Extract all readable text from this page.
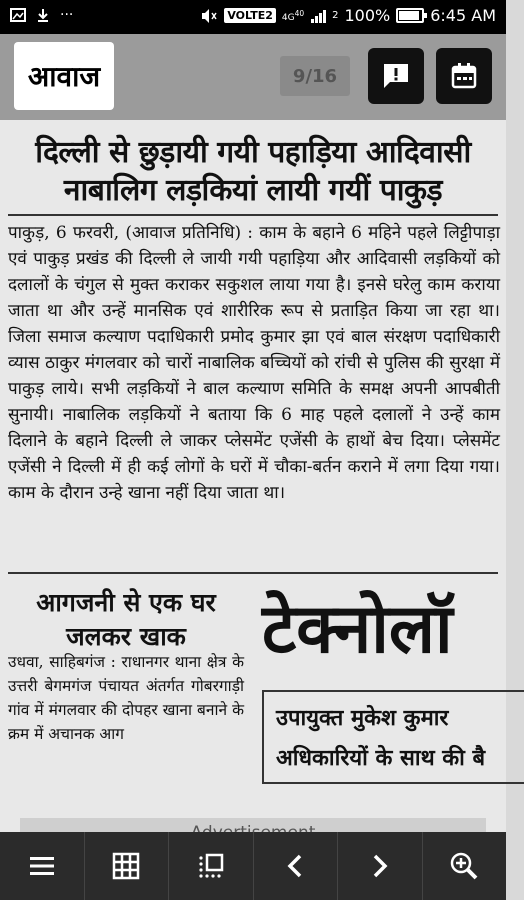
···	VOLTE2	$4G^{40}$	2 100%	6:45 AM
आवाज	9/16
दिल्ली से छुड़ायी गयी पहाड़िया आदिवासी
नाबालिग लड़कियां लायी गयीं पाकुड़
पाकुड़, 6 फरवरी, (आवाज प्रतिनिधि) : काम के बहाने 6 महिने पहले लिट्टीपाड़ा एवं पाकुड़ प्रखंड की दिल्ली ले जायी गयी पहाड़िया और आदिवासी लड़कियों को दलालों के चंगुल से मुक्त कराकर सकुशल लाया गया है। इनसे घरेलु काम कराया जाता था और उन्हें मानसिक एवं शारीरिक रूप से प्रताड़ित किया जा रहा था। जिला समाज कल्याण पदाधिकारी प्रमोद कुमार झा एवं बाल संरक्षण पदाधिकारी व्यास ठाकुर मंगलवार को चारों नाबालिक बच्चियों को रांची से पुलिस की सुरक्षा में पाकुड़ लाये। सभी लड़कियों ने बाल कल्याण समिति के समक्ष अपनी आपबीती सुनायी। नाबालिक लड़कियों ने बताया कि 6 माह पहले दलालों ने उन्हें काम दिलाने के बहाने दिल्ली ले जाकर प्लेसमेंट एजेंसी के हाथों बेच दिया। प्लेसमेंट एजेंसी ने दिल्ली में ही कई लोगों के घरों में चौका-बर्तन कराने में लगा दिया गया। काम के दौरान उन्हे खाना नहीं दिया जाता था।
आगजनी से एक घर
जलकर खाक
उधवा, साहिबगंज : राधानगर थाना क्षेत्र के उत्तरी बेगमगंज पंचायत अंतर्गत गोबरगाड़ी गांव में मंगलवार की दोपहर खाना बनाने के क्रम में अचानक आग
टेक्नोलॉ
उपायुक्त मुकेश कुमार
अधिकारियों के साथ की बै
